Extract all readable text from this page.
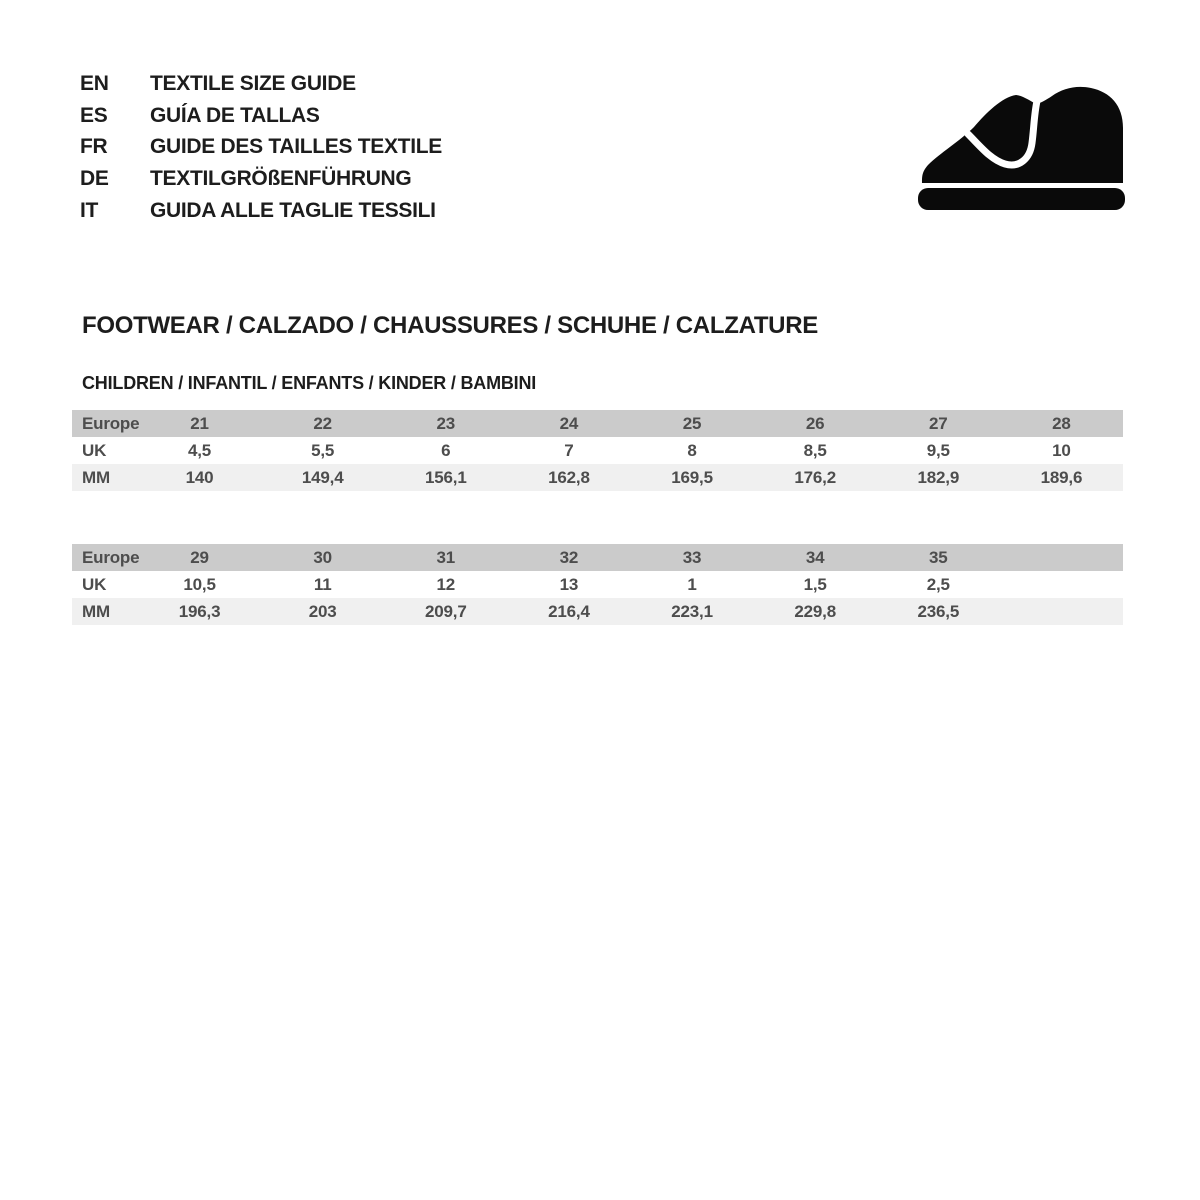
EN	TEXTILE SIZE GUIDE
ES	GUÍA DE TALLAS
FR	GUIDE DES TAILLES TEXTILE
DE	TEXTILGRÖßENFÜHRUNG
IT	GUIDA ALLE TAGLIE TESSILI
FOOTWEAR / CALZADO / CHAUSSURES / SCHUHE / CALZATURE
CHILDREN / INFANTIL / ENFANTS / KINDER / BAMBINI
Europe	21	22	23	24	25	26	27	28
UK	4,5	5,5	6	7	8	8,5	9,5	10
MM	140	149,4	156,1	162,8	169,5	176,2	182,9	189,6
Europe	29	30	31	32	33	34	35
UK	10,5	11	12	13	1	1,5	2,5
MM	196,3	203	209,7	216,4	223,1	229,8	236,5
